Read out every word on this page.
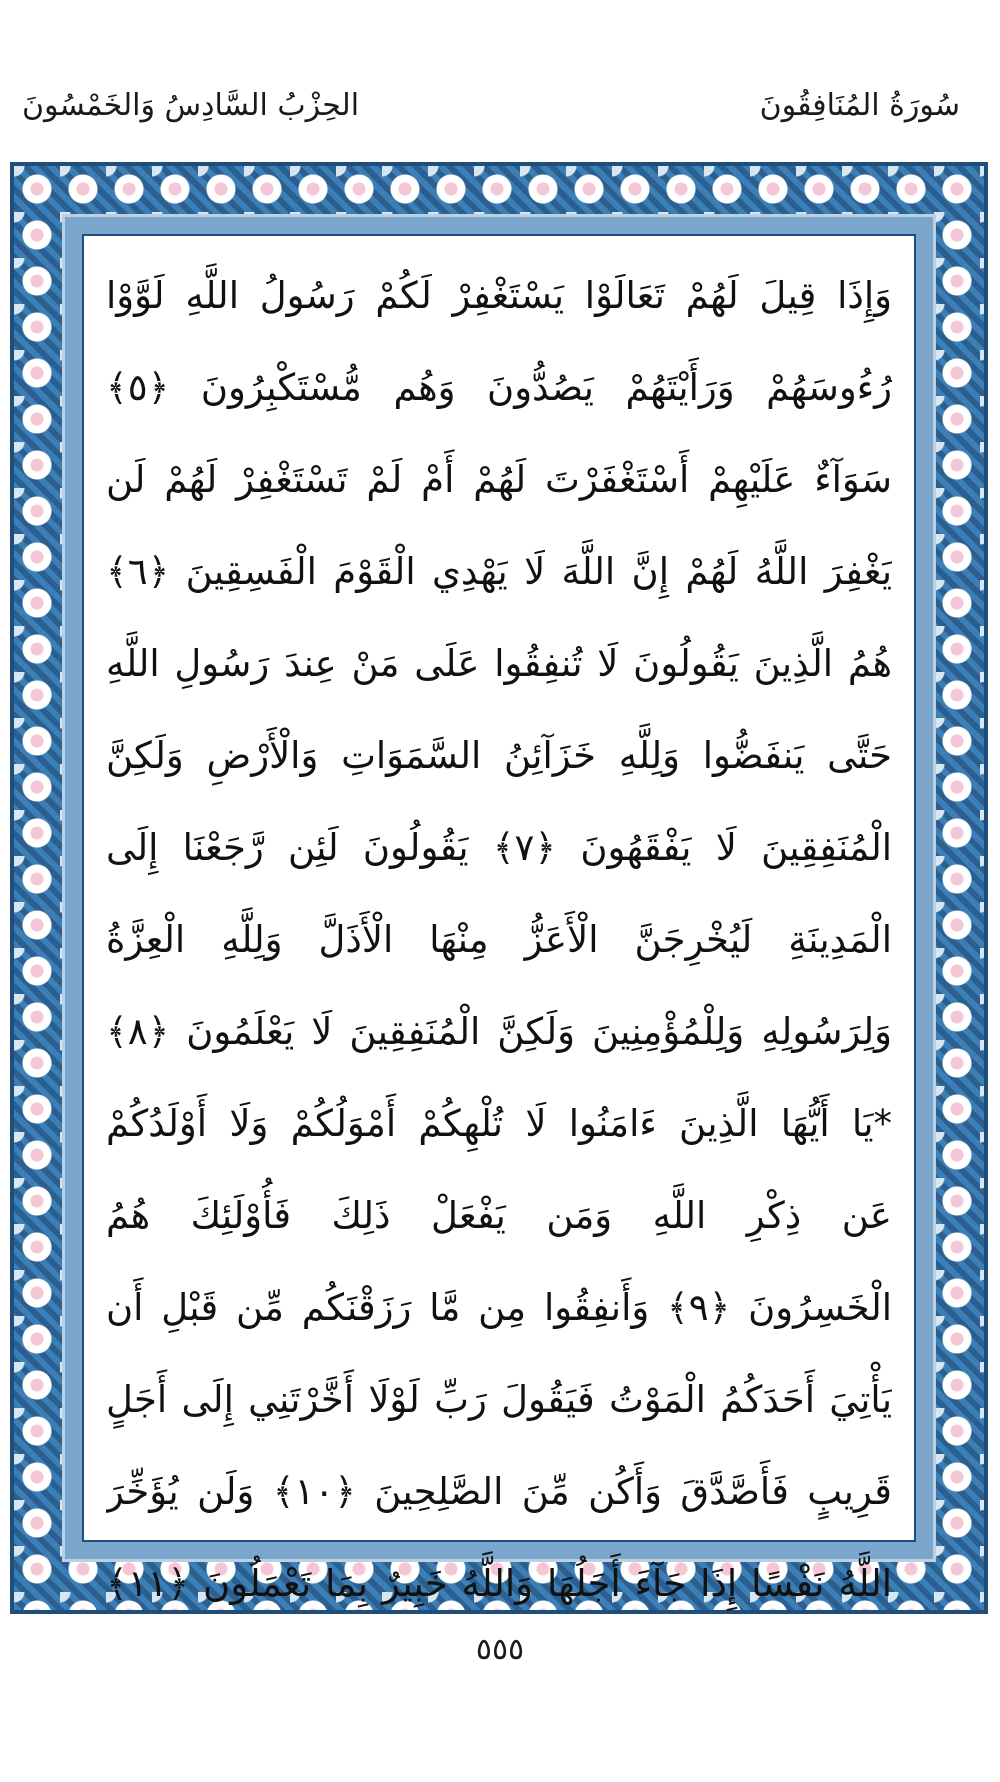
سُورَةُ المُنَافِقُونَ
الحِزْبُ السَّادِسُ وَالخَمْسُونَ
وَإِذَا قِيلَ لَهُمْ تَعَالَوْا يَسْتَغْفِرْ لَكُمْ رَسُولُ اللَّهِ لَوَّوْا
رُءُوسَهُمْ وَرَأَيْتَهُمْ يَصُدُّونَ وَهُم مُّسْتَكْبِرُونَ ﴿٥﴾
سَوَآءٌ عَلَيْهِمْ أَسْتَغْفَرْتَ لَهُمْ أَمْ لَمْ تَسْتَغْفِرْ لَهُمْ لَن
يَغْفِرَ اللَّهُ لَهُمْ إِنَّ اللَّهَ لَا يَهْدِي الْقَوْمَ الْفَسِقِينَ ﴿٦﴾
هُمُ الَّذِينَ يَقُولُونَ لَا تُنفِقُوا عَلَى مَنْ عِندَ رَسُولِ اللَّهِ
حَتَّى يَنفَضُّوا وَلِلَّهِ خَزَآئِنُ السَّمَوَاتِ وَالْأَرْضِ وَلَكِنَّ
الْمُنَفِقِينَ لَا يَفْقَهُونَ ﴿٧﴾ يَقُولُونَ لَئِن رَّجَعْنَا إِلَى
الْمَدِينَةِ لَيُخْرِجَنَّ الْأَعَزُّ مِنْهَا الْأَذَلَّ وَلِلَّهِ الْعِزَّةُ
وَلِرَسُولِهِ وَلِلْمُؤْمِنِينَ وَلَكِنَّ الْمُنَفِقِينَ لَا يَعْلَمُونَ ﴿٨﴾
*يَا أَيُّهَا الَّذِينَ ءَامَنُوا لَا تُلْهِكُمْ أَمْوَلُكُمْ وَلَا أَوْلَدُكُمْ
عَن ذِكْرِ اللَّهِ وَمَن يَفْعَلْ ذَلِكَ فَأُوْلَئِكَ هُمُ
الْخَسِرُونَ ﴿٩﴾ وَأَنفِقُوا مِن مَّا رَزَقْنَكُم مِّن قَبْلِ أَن
يَأْتِيَ أَحَدَكُمُ الْمَوْتُ فَيَقُولَ رَبِّ لَوْلَا أَخَّرْتَنِي إِلَى أَجَلٍ
قَرِيبٍ فَأَصَّدَّقَ وَأَكُن مِّنَ الصَّلِحِينَ ﴿١٠﴾ وَلَن يُؤَخِّرَ
اللَّهُ نَفْسًا إِذَا جَآءَ أَجَلُهَا وَاللَّهُ خَبِيرٌ بِمَا تَعْمَلُونَ ﴿١١﴾
٥٥٥
